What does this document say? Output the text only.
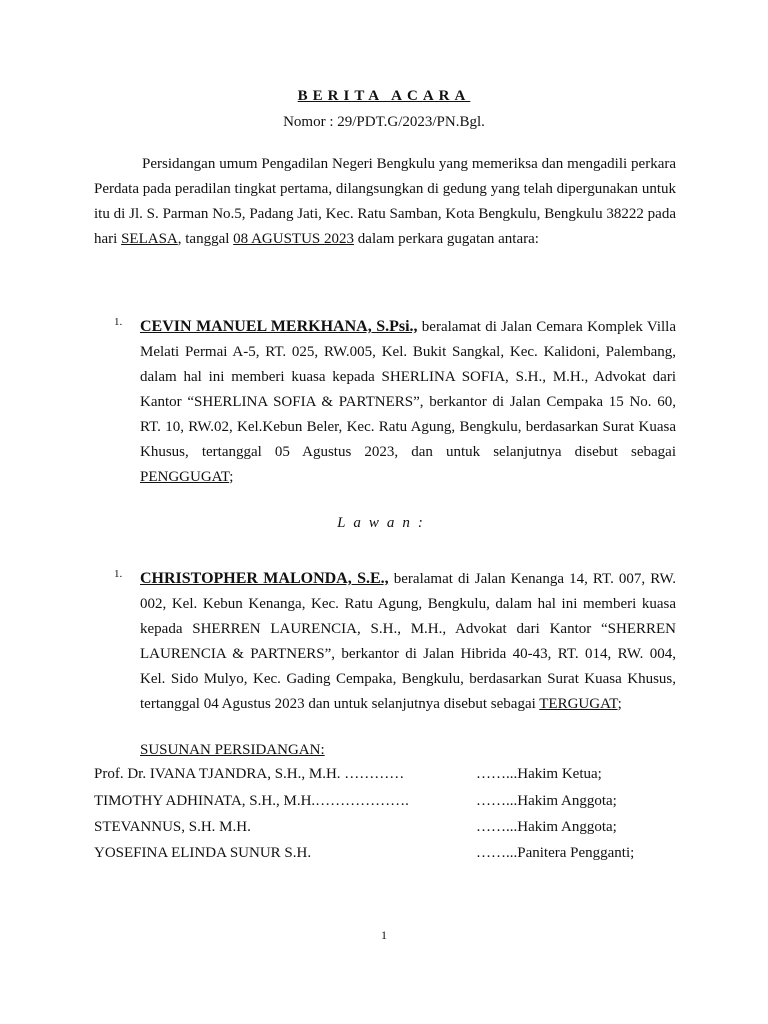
BERITA ACARA
Nomor : 29/PDT.G/2023/PN.Bgl.

Persidangan umum Pengadilan Negeri Bengkulu yang memeriksa dan mengadili perkara Perdata pada peradilan tingkat pertama, dilangsungkan di gedung yang telah dipergunakan untuk itu di Jl. S. Parman No.5, Padang Jati, Kec. Ratu Samban, Kota Bengkulu, Bengkulu 38222 pada hari SELASA, tanggal 08 AGUSTUS 2023 dalam perkara gugatan antara:

1. CEVIN MANUEL MERKHANA, S.Psi., beralamat di Jalan Cemara Komplek Villa Melati Permai A-5, RT. 025, RW.005, Kel. Bukit Sangkal, Kec. Kalidoni, Palembang, dalam hal ini memberi kuasa kepada SHERLINA SOFIA, S.H., M.H., Advokat dari Kantor “SHERLINA SOFIA & PARTNERS”, berkantor di Jalan Cempaka 15 No. 60, RT. 10, RW.02, Kel.Kebun Beler, Kec. Ratu Agung, Bengkulu, berdasarkan Surat Kuasa Khusus, tertanggal 05 Agustus 2023, dan untuk selanjutnya disebut sebagai PENGGUGAT;

Lawan:
1. CHRISTOPHER MALONDA, S.E., beralamat di Jalan Kenanga 14, RT. 007, RW. 002, Kel. Kebun Kenanga, Kec. Ratu Agung, Bengkulu, dalam hal ini memberi kuasa kepada SHERREN LAURENCIA, S.H., M.H., Advokat dari Kantor “SHERREN LAURENCIA & PARTNERS”, berkantor di Jalan Hibrida 40-43, RT. 014, RW. 004, Kel. Sido Mulyo, Kec. Gading Cempaka, Bengkulu, berdasarkan Surat Kuasa Khusus, tertanggal 04 Agustus 2023 dan untuk selanjutnya disebut sebagai TERGUGAT;

SUSUNAN PERSIDANGAN:
Prof. Dr. IVANA TJANDRA, S.H., M.H. …………	……...Hakim Ketua;
TIMOTHY ADHINATA, S.H., M.H.……………….	……...Hakim Anggota;
STEVANNUS, S.H. M.H.	……...Hakim Anggota;
YOSEFINA ELINDA SUNUR S.H.	……...Panitera Pengganti;
1
